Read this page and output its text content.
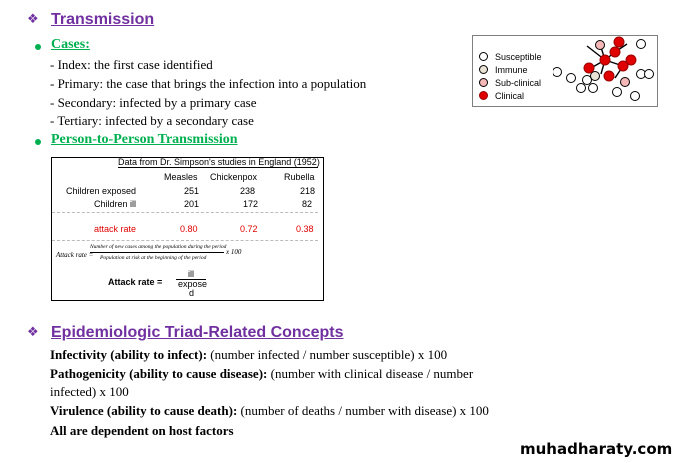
❖ Transmission
Cases:
- Index: the first case identified
- Primary: the case that brings the infection into a population
- Secondary: infected by a primary case
- Tertiary: infected by a secondary case
Person-to-Person Transmission
Susceptible
Immune
Sub-clinical
Clinical
Data from Dr. Simpson's studies in England (1952)
Measles Chickenpox	Rubella
Children exposed	251	238	218
Children ill	201	172	82
attack rate	0.80	0.72	0.38
Attack rate =
Number of new cases among the population during the period
Population at risk at the beginning of the period
x 100
Attack rate =
ill
expose
d
❖ Epidemiologic Triad-Related Concepts
Infectivity (ability to infect): (number infected / number susceptible) x 100
Pathogenicity (ability to cause disease): (number with clinical disease / number
infected) x 100
Virulence (ability to cause death): (number of deaths / number with disease) x 100
All are dependent on host factors
muhadharaty.com
